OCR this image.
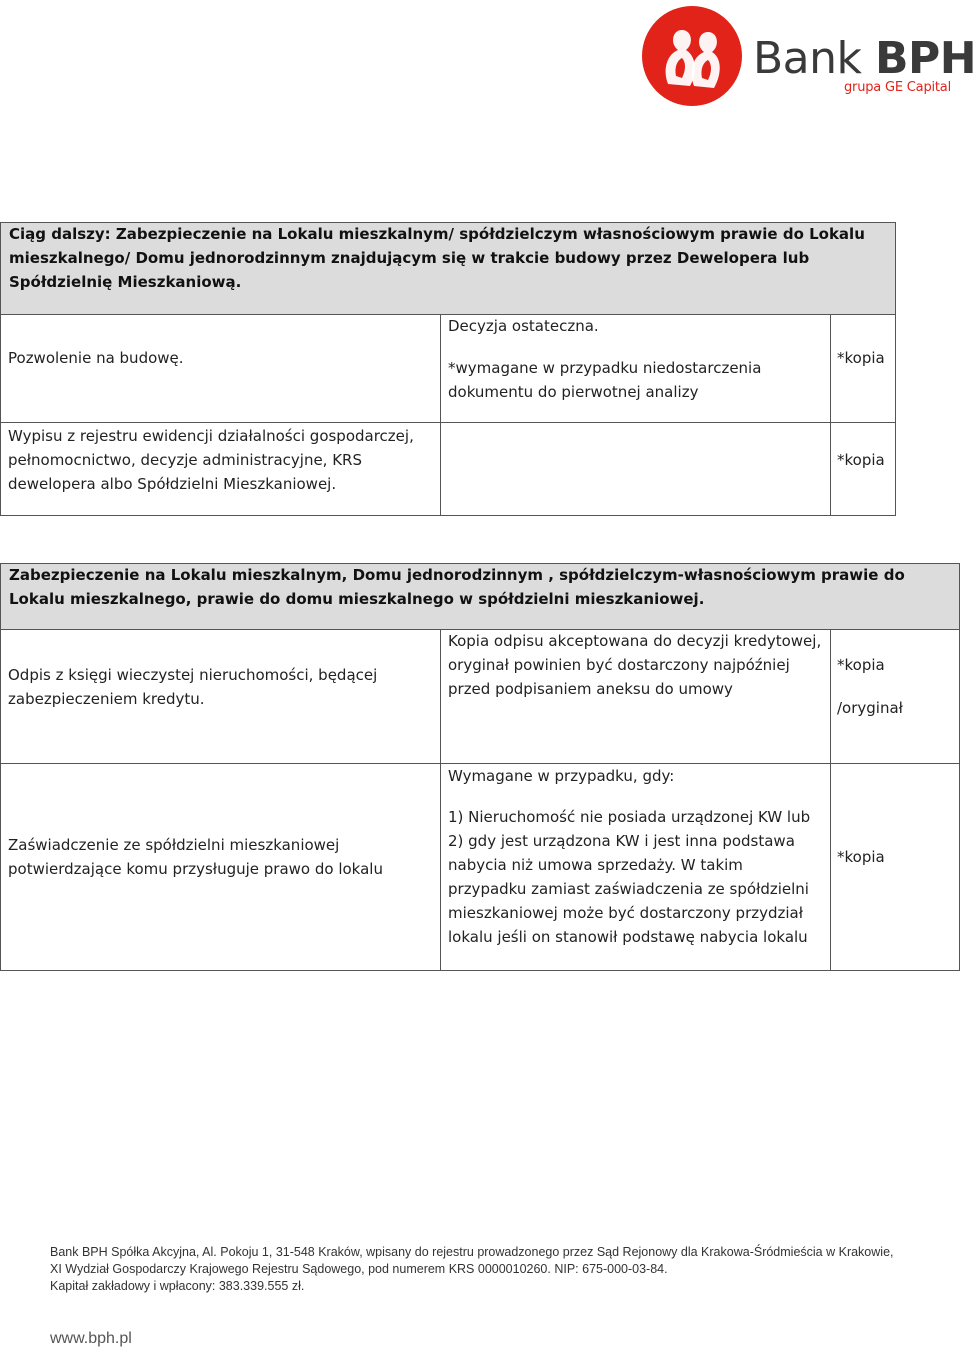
Bank BPH
grupa GE Capital
Ciąg dalszy: Zabezpieczenie na Lokalu mieszkalnym/ spółdzielczym własnościowym prawie do Lokalu mieszkalnego/ Domu jednorodzinnym znajdującym się w trakcie budowy przez Dewelopera lub Spółdzielnię Mieszkaniową.
Pozwolenie na budowę.
Decyzja ostateczna.
*wymagane w przypadku niedostarczenia dokumentu do pierwotnej analizy
*kopia
Wypisu z rejestru ewidencji działalności gospodarczej, pełnomocnictwo, decyzje administracyjne, KRS dewelopera albo Spółdzielni Mieszkaniowej.
*kopia
Zabezpieczenie na Lokalu mieszkalnym, Domu jednorodzinnym , spółdzielczym-własnościowym prawie do Lokalu mieszkalnego, prawie do domu mieszkalnego w spółdzielni mieszkaniowej.
Odpis z księgi wieczystej nieruchomości, będącej zabezpieczeniem kredytu.
Kopia odpisu akceptowana do decyzji kredytowej, oryginał powinien być dostarczony najpóźniej przed podpisaniem aneksu do umowy
*kopia
/oryginał
Zaświadczenie ze spółdzielni mieszkaniowej potwierdzające komu przysługuje prawo do lokalu
Wymagane w przypadku, gdy:
1) Nieruchomość nie posiada urządzonej KW lub 2) gdy jest urządzona KW i jest inna podstawa nabycia niż umowa sprzedaży. W takim przypadku zamiast zaświadczenia ze spółdzielni mieszkaniowej może być dostarczony przydział lokalu jeśli on stanowił podstawę nabycia lokalu
*kopia
Bank BPH Spółka Akcyjna, Al. Pokoju 1, 31-548 Kraków, wpisany do rejestru prowadzonego przez Sąd Rejonowy dla Krakowa-Śródmieścia w Krakowie,
XI Wydział Gospodarczy Krajowego Rejestru Sądowego, pod numerem KRS 0000010260. NIP: 675-000-03-84.
Kapitał zakładowy i wpłacony: 383.339.555 zł.
www.bph.pl
